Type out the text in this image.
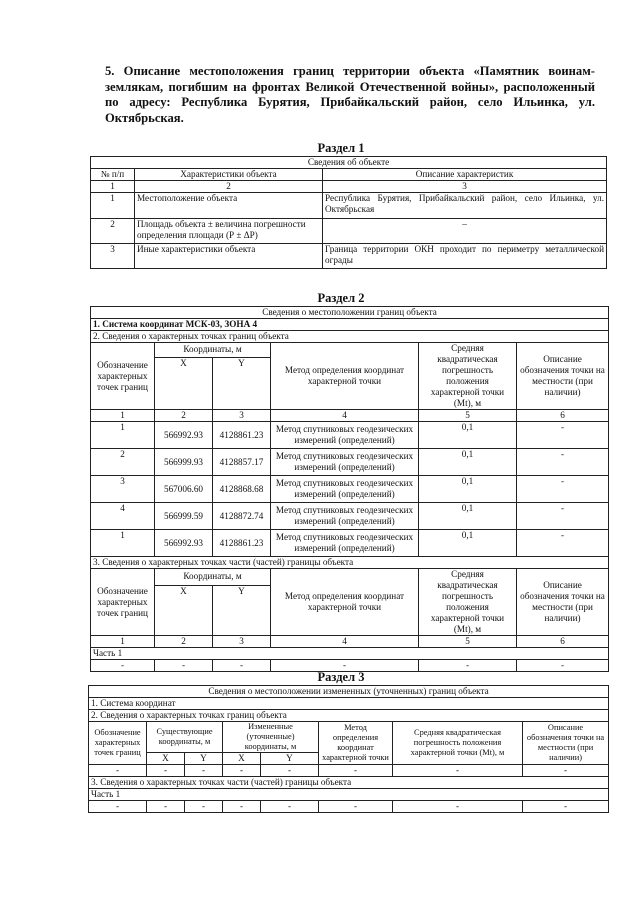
5. Описание местоположения границ территории объекта «Памятник воинам-землякам, погибшим на фронтах Великой Отечественной войны», расположенный по адресу: Республика Бурятия, Прибайкальский район, село Ильинка, ул. Октябрьская.
Раздел 1
Сведения об объекте		
№ п/п	Характеристики объекта	Описание характеристик
1	2	3
1	Местоположение объекта	Республика Бурятия, Прибайкальский район, село Ильинка, ул. Октябрьская
2	Площадь объекта ± величина погрешности определения площади (Р ± ΔР)	–
3	Иные характеристики объекта	Граница территории ОКН проходит по периметру металлической ограды
Раздел 2
Сведения о местоположении границ объекта					
1. Система координат МСК-03, ЗОНА 4					
2. Сведения о характерных точках границ объекта					
Обозначение характерных точек границ	Координаты, м		Метод определения координат характерной точки	Средняя квадратическая погрешность положения характерной точки (Mt), м	Описание обозначения точки на местности (при наличии)
	X	Y			
1	2	3	4	5	6
1	566992.93	4128861.23	Метод спутниковых геодезических измерений (определений)	0,1	-
2	566999.93	4128857.17	Метод спутниковых геодезических измерений (определений)	0,1	-
3	567006.60	4128868.68	Метод спутниковых геодезических измерений (определений)	0,1	-
4	566999.59	4128872.74	Метод спутниковых геодезических измерений (определений)	0,1	-
1	566992.93	4128861.23	Метод спутниковых геодезических измерений (определений)	0,1	-
3. Сведения о характерных точках части (частей) границы объекта					
Обозначение характерных точек границ	Координаты, м		Метод определения координат характерной точки	Средняя квадратическая погрешность положения характерной точки (Mt), м	Описание обозначения точки на местности (при наличии)
	X	Y			
1	2	3	4	5	6
Часть 1					
-	-	-	-	-	-
Раздел 3
Сведения о местоположении измененных (уточненных) границ объекта							
1. Система координат							
2. Сведения о характерных точках границ объекта							
Обозначение характерных точек границ	Существующие координаты, м		Измененные (уточненные) координаты, м		Метод определения координат характерной точки	Средняя квадратическая погрешность положения характерной точки (Mt), м	Описание обозначения точки на местности (при наличии)
	X	Y	X	Y			
-	-	-	-	-	-	-	-
3. Сведения о характерных точках части (частей) границы объекта							
Часть 1							
-	-	-	-	-	-	-	-
